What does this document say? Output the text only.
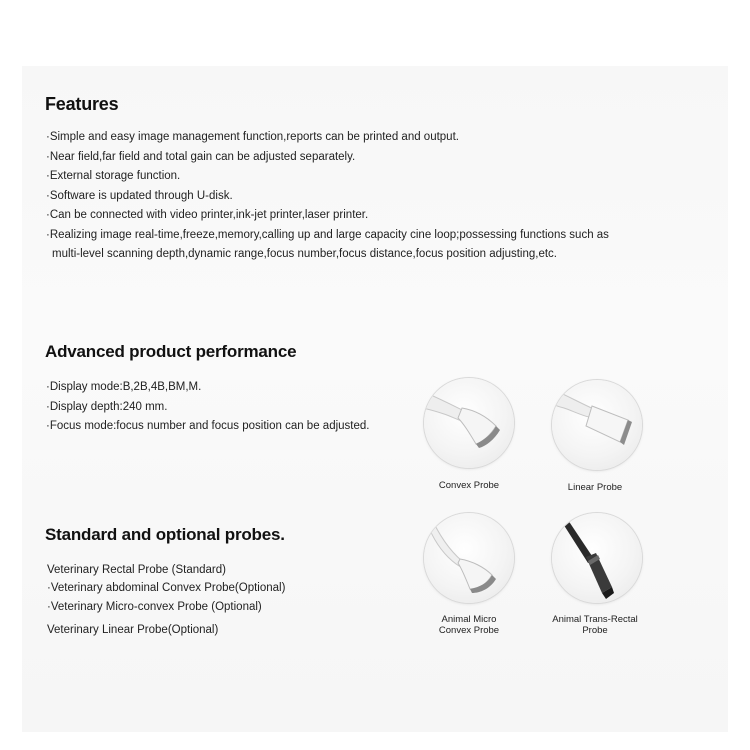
Features
·Simple and easy image management function,reports can be printed and output.
·Near field,far field and total gain can be adjusted separately.
·External storage function.
·Software is updated through U-disk.
·Can be connected with video printer,ink-jet printer,laser printer.
·Realizing image real-time,freeze,memory,calling up and large capacity cine loop;possessing functions such as
multi-level scanning depth,dynamic range,focus number,focus distance,focus position adjusting,etc.
Advanced product performance
·Display mode:B,2B,4B,BM,M.
·Display depth:240 mm.
·Focus mode:focus number and focus position can be adjusted.
Standard and optional probes.
Veterinary Rectal Probe (Standard)
·Veterinary abdominal Convex Probe(Optional)
·Veterinary Micro-convex Probe (Optional)
Veterinary Linear Probe(Optional)
Convex Probe	Linear Probe
Animal Micro
Convex Probe
Animal Trans-Rectal
Probe
